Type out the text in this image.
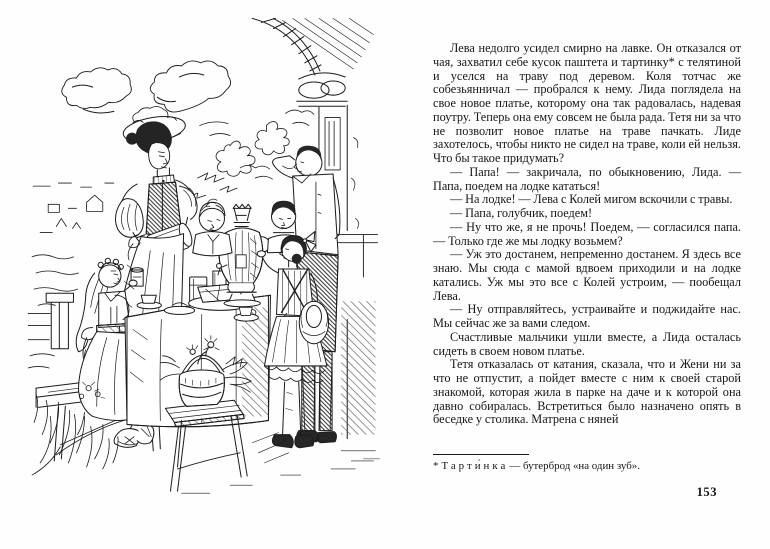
Лева недолго усидел смирно на лавке. Он отказался от чая, захватил себе кусок паштета и тартинку* с телятиной и уселся на траву под деревом. Коля тотчас же собезьянничал — пробрался к нему. Лида поглядела на свое новое платье, которому она так радовалась, надевая поутру. Теперь она ему совсем не была рада. Тетя ни за что не позволит новое платье на траве пачкать. Лиде захотелось, чтобы никто не сидел на траве, коли ей нельзя. Что бы такое придумать?

— Папа! — закричала, по обыкновению, Лида. — Папа, поедем на лодке кататься!

— На лодке! — Лева с Колей мигом вскочили с травы.

— Папа, голубчик, поедем!

— Ну что же, я не прочь! Поедем, — согласился папа. — Только где же мы лодку возьмем?

— Уж это достанем, непременно достанем. Я здесь все знаю. Мы сюда с мамой вдвоем приходили и на лодке катались. Уж мы это все с Колей устроим, — пообещал Лева.

— Ну отправляйтесь, устраивайте и поджидайте нас. Мы сейчас же за вами следом.

Счастливые мальчики ушли вместе, а Лида осталась сидеть в своем новом платье.

Тетя отказалась от катания, сказала, что и Жени ни за что не отпустит, а пойдет вместе с ним к своей старой знакомой, которая жила в парке на даче и к которой она давно собиралась. Встретиться было назначено опять в беседке у столика. Матрена с няней

* Тарти́нка— бутерброд «на один зуб».

153
